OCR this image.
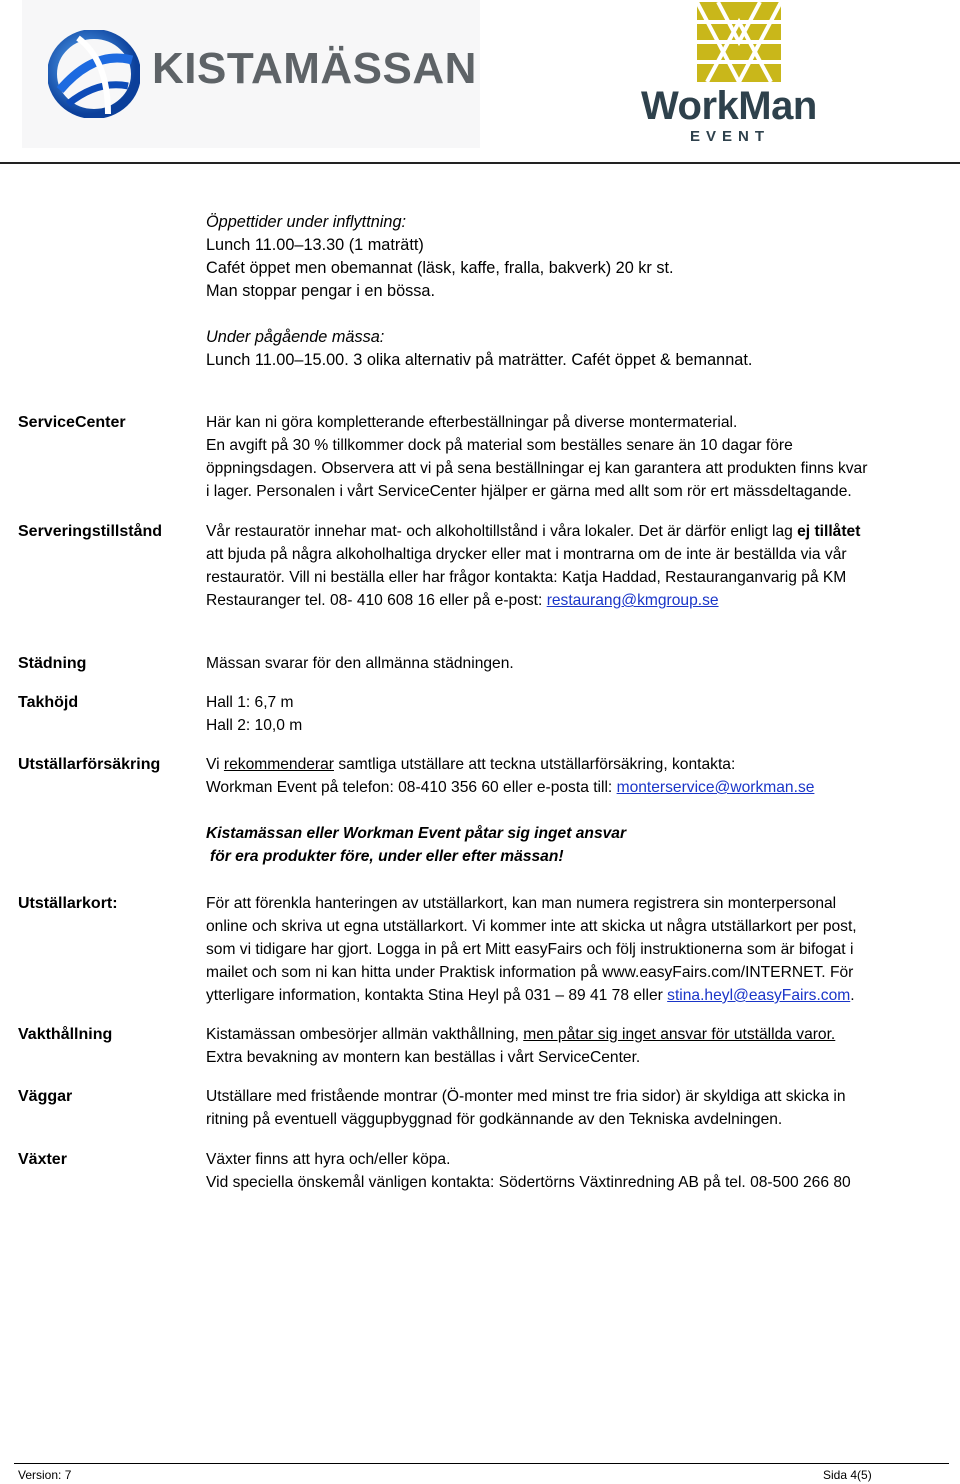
KISTAMÄSSAN
WorkMan
EVENT
Öppettider under inflyttning:
Lunch 11.00–13.30 (1 maträtt)
Cafét öppet men obemannat (läsk, kaffe, fralla, bakverk) 20 kr st.
Man stoppar pengar i en bössa.
Under pågående mässa:
Lunch 11.00–15.00. 3 olika alternativ på maträtter. Cafét öppet & bemannat.
ServiceCenter	Här kan ni göra kompletterande efterbeställningar på diverse montermaterial.
En avgift på 30 % tillkommer dock på material som beställes senare än 10 dagar före
öppningsdagen. Observera att vi på sena beställningar ej kan garantera att produkten finns kvar
i lager. Personalen i vårt ServiceCenter hjälper er gärna med allt som rör ert mässdeltagande.
Serveringstillstånd	Vår restauratör innehar mat- och alkoholtillstånd i våra lokaler. Det är därför enligt lag ej tillåtet
att bjuda på några alkoholhaltiga drycker eller mat i montrarna om de inte är beställda via vår
restauratör. Vill ni beställa eller har frågor kontakta: Katja Haddad, Restauranganvarig på KM
Restauranger tel. 08- 410 608 16 eller på e-post: restaurang@kmgroup.se
Städning	Mässan svarar för den allmänna städningen.
Takhöjd	Hall 1: 6,7 m
Hall 2: 10,0 m
Utställarförsäkring	Vi rekommenderar samtliga utställare att teckna utställarförsäkring, kontakta:
Workman Event på telefon: 08-410 356 60 eller e-posta till: monterservice@workman.se
Kistamässan eller Workman Event påtar sig inget ansvar
för era produkter före, under eller efter mässan!
Utställarkort:	För att förenkla hanteringen av utställarkort, kan man numera registrera sin monterpersonal
online och skriva ut egna utställarkort. Vi kommer inte att skicka ut några utställarkort per post,
som vi tidigare har gjort. Logga in på ert Mitt easyFairs och följ instruktionerna som är bifogat i
mailet och som ni kan hitta under Praktisk information på www.easyFairs.com/INTERNET. För
ytterligare information, kontakta Stina Heyl på 031 – 89 41 78 eller stina.heyl@easyFairs.com.
Vakthållning	Kistamässan ombesörjer allmän vakthållning, men påtar sig inget ansvar för utställda varor.
Extra bevakning av montern kan beställas i vårt ServiceCenter.
Väggar	Utställare med fristående montrar (Ö-monter med minst tre fria sidor) är skyldiga att skicka in
ritning på eventuell väggupbyggnad för godkännande av den Tekniska avdelningen.
Växter	Växter finns att hyra och/eller köpa.
Vid speciella önskemål vänligen kontakta: Södertörns Växtinredning AB på tel. 08-500 266 80
Version: 7	Sida 4(5)
